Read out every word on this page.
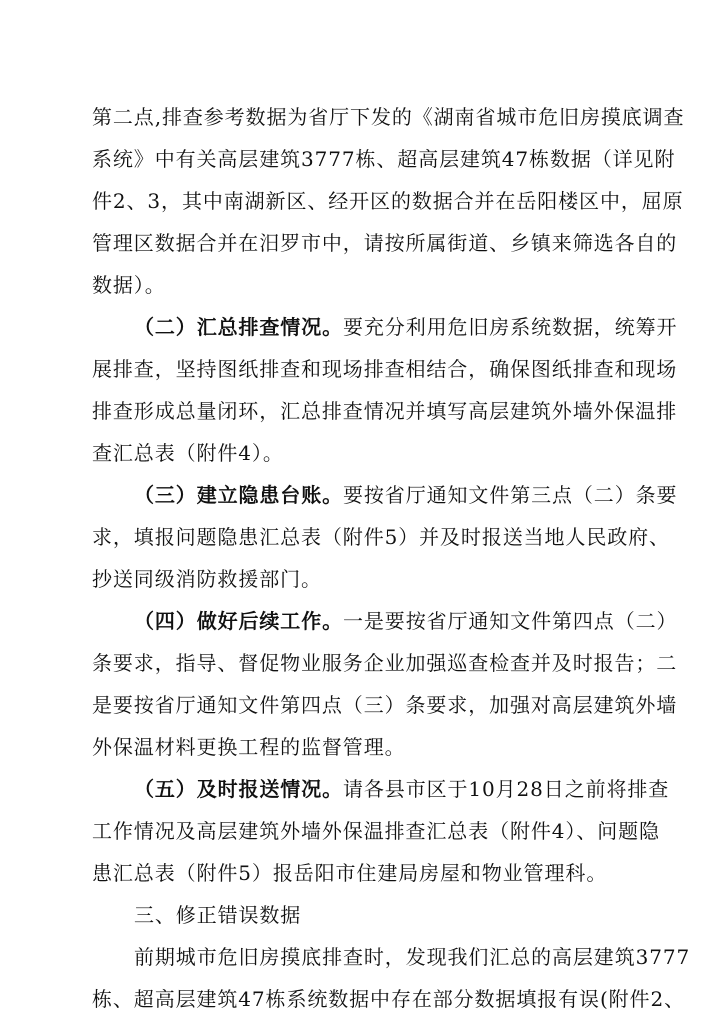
第二点,排查参考数据为省厅下发的《湖南省城市危旧房摸底调查
系统》中有关高层建筑3777栋、超高层建筑47栋数据（详见附
件2、3，其中南湖新区、经开区的数据合并在岳阳楼区中，屈原
管理区数据合并在汨罗市中，请按所属街道、乡镇来筛选各自的
数据）。
（二）汇总排查情况。要充分利用危旧房系统数据，统筹开
展排查，坚持图纸排查和现场排查相结合，确保图纸排查和现场
排查形成总量闭环，汇总排查情况并填写高层建筑外墙外保温排
查汇总表（附件4）。
（三）建立隐患台账。要按省厅通知文件第三点（二）条要
求，填报问题隐患汇总表（附件5）并及时报送当地人民政府、
抄送同级消防救援部门。
（四）做好后续工作。一是要按省厅通知文件第四点（二）
条要求，指导、督促物业服务企业加强巡查检查并及时报告；二
是要按省厅通知文件第四点（三）条要求，加强对高层建筑外墙
外保温材料更换工程的监督管理。
（五）及时报送情况。请各县市区于10月28日之前将排查
工作情况及高层建筑外墙外保温排查汇总表（附件4）、问题隐
患汇总表（附件5）报岳阳市住建局房屋和物业管理科。
三、修正错误数据
前期城市危旧房摸底排查时，发现我们汇总的高层建筑3777
栋、超高层建筑47栋系统数据中存在部分数据填报有误(附件2、
